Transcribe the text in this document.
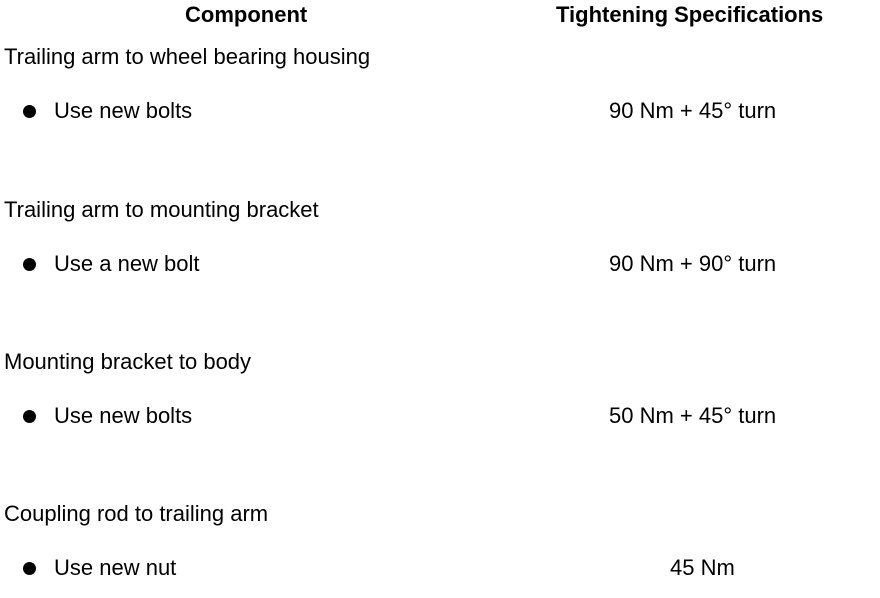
Component	Tightening Specifications
Trailing arm to wheel bearing housing
Use new bolts	90 Nm + 45° turn
Trailing arm to mounting bracket
Use a new bolt	90 Nm + 90° turn
Mounting bracket to body
Use new bolts	50 Nm + 45° turn
Coupling rod to trailing arm
Use new nut	45 Nm
